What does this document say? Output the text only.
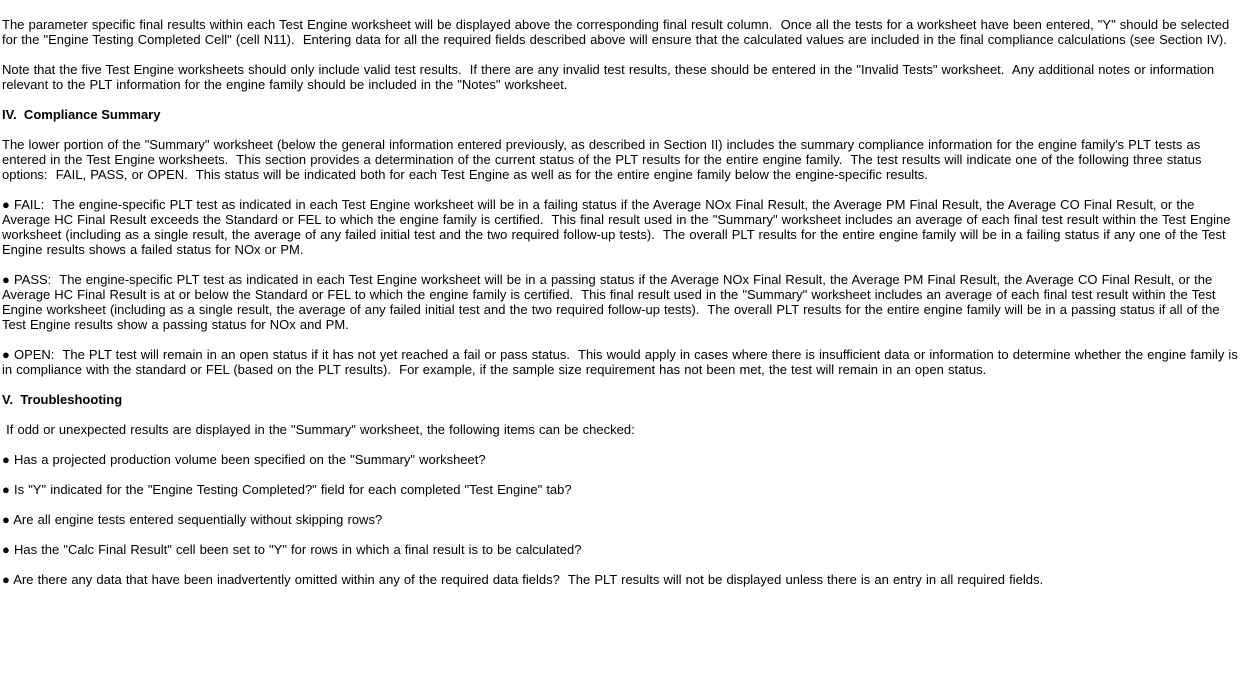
The parameter specific final results within each Test Engine worksheet will be displayed above the corresponding final result column.  Once all the tests for a worksheet have been entered, "Y" should be selected for the "Engine Testing Completed Cell" (cell N11).  Entering data for all the required fields described above will ensure that the calculated values are included in the final compliance calculations (see Section IV).

Note that the five Test Engine worksheets should only include valid test results.  If there are any invalid test results, these should be entered in the "Invalid Tests" worksheet.  Any additional notes or information relevant to the PLT information for the engine family should be included in the "Notes" worksheet.

IV.  Compliance Summary

The lower portion of the "Summary" worksheet (below the general information entered previously, as described in Section II) includes the summary compliance information for the engine family's PLT tests as entered in the Test Engine worksheets.  This section provides a determination of the current status of the PLT results for the entire engine family.  The test results will indicate one of the following three status options:  FAIL, PASS, or OPEN.  This status will be indicated both for each Test Engine as well as for the entire engine family below the engine-specific results.

● FAIL:  The engine-specific PLT test as indicated in each Test Engine worksheet will be in a failing status if the Average NOx Final Result, the Average PM Final Result, the Average CO Final Result, or the Average HC Final Result exceeds the Standard or FEL to which the engine family is certified.  This final result used in the "Summary" worksheet includes an average of each final test result within the Test Engine worksheet (including as a single result, the average of any failed initial test and the two required follow-up tests).  The overall PLT results for the entire engine family will be in a failing status if any one of the Test Engine results shows a failed status for NOx or PM.

● PASS:  The engine-specific PLT test as indicated in each Test Engine worksheet will be in a passing status if the Average NOx Final Result, the Average PM Final Result, the Average CO Final Result, or the Average HC Final Result is at or below the Standard or FEL to which the engine family is certified.  This final result used in the "Summary" worksheet includes an average of each final test result within the Test Engine worksheet (including as a single result, the average of any failed initial test and the two required follow-up tests).  The overall PLT results for the entire engine family will be in a passing status if all of the Test Engine results show a passing status for NOx and PM.

● OPEN:  The PLT test will remain in an open status if it has not yet reached a fail or pass status.  This would apply in cases where there is insufficient data or information to determine whether the engine family is in compliance with the standard or FEL (based on the PLT results).  For example, if the sample size requirement has not been met, the test will remain in an open status.

V.  Troubleshooting

If odd or unexpected results are displayed in the "Summary" worksheet, the following items can be checked:

● Has a projected production volume been specified on the "Summary" worksheet?

● Is "Y" indicated for the "Engine Testing Completed?" field for each completed "Test Engine" tab?

● Are all engine tests entered sequentially without skipping rows?

● Has the "Calc Final Result" cell been set to "Y" for rows in which a final result is to be calculated?

● Are there any data that have been inadvertently omitted within any of the required data fields?  The PLT results will not be displayed unless there is an entry in all required fields.
